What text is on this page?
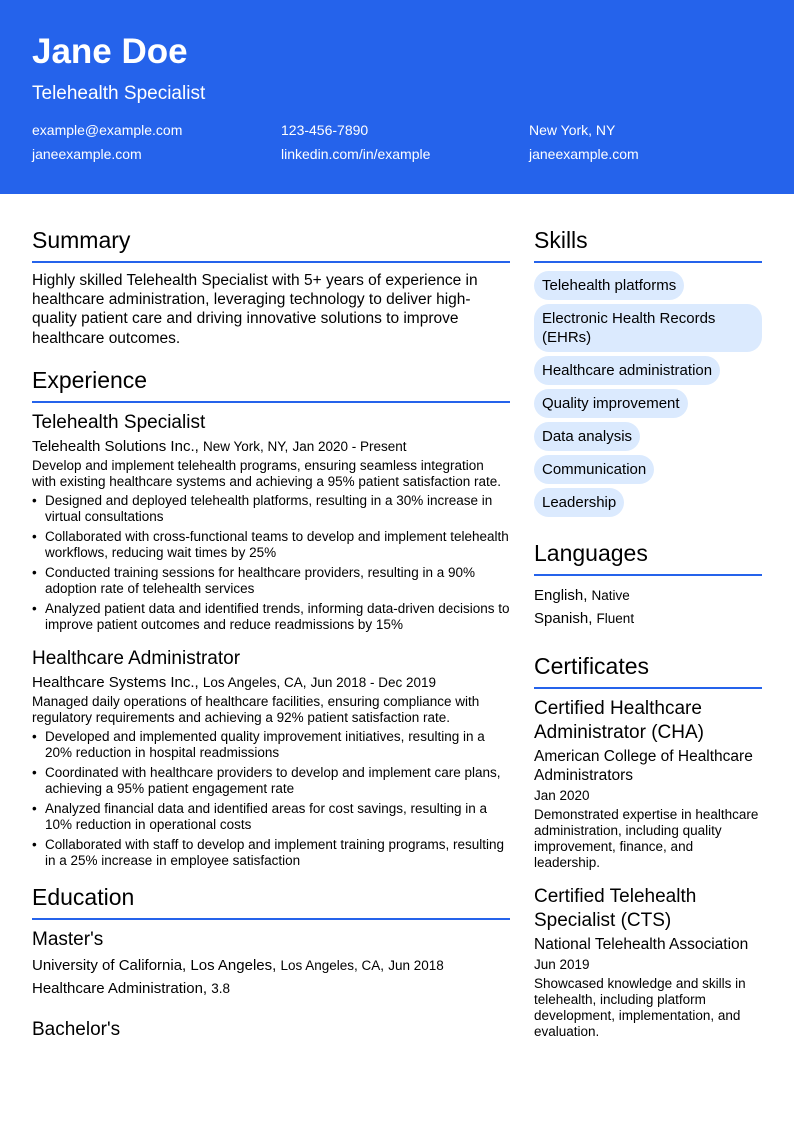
Jane Doe
Telehealth Specialist
example@example.com	123-456-7890	New York, NY
janeexample.com	linkedin.com/in/example	janeexample.com
Summary
Highly skilled Telehealth Specialist with 5+ years of experience in healthcare administration, leveraging technology to deliver high-quality patient care and driving innovative solutions to improve healthcare outcomes.
Experience
Telehealth Specialist
Telehealth Solutions Inc., New York, NY, Jan 2020 - Present
Develop and implement telehealth programs, ensuring seamless integration with existing healthcare systems and achieving a 95% patient satisfaction rate.
• Designed and deployed telehealth platforms, resulting in a 30% increase in virtual consultations
• Collaborated with cross-functional teams to develop and implement telehealth workflows, reducing wait times by 25%
• Conducted training sessions for healthcare providers, resulting in a 90% adoption rate of telehealth services
• Analyzed patient data and identified trends, informing data-driven decisions to improve patient outcomes and reduce readmissions by 15%
Healthcare Administrator
Healthcare Systems Inc., Los Angeles, CA, Jun 2018 - Dec 2019
Managed daily operations of healthcare facilities, ensuring compliance with regulatory requirements and achieving a 92% patient satisfaction rate.
• Developed and implemented quality improvement initiatives, resulting in a 20% reduction in hospital readmissions
• Coordinated with healthcare providers to develop and implement care plans, achieving a 95% patient engagement rate
• Analyzed financial data and identified areas for cost savings, resulting in a 10% reduction in operational costs
• Collaborated with staff to develop and implement training programs, resulting in a 25% increase in employee satisfaction
Education
Master's
University of California, Los Angeles, Los Angeles, CA, Jun 2018
Healthcare Administration, 3.8
Bachelor's
Skills
Telehealth platforms
Electronic Health Records (EHRs)
Healthcare administration
Quality improvement
Data analysis
Communication
Leadership
Languages
English, Native
Spanish, Fluent
Certificates
Certified Healthcare Administrator (CHA)
American College of Healthcare Administrators
Jan 2020
Demonstrated expertise in healthcare administration, including quality improvement, finance, and leadership.
Certified Telehealth Specialist (CTS)
National Telehealth Association
Jun 2019
Showcased knowledge and skills in telehealth, including platform development, implementation, and evaluation.
